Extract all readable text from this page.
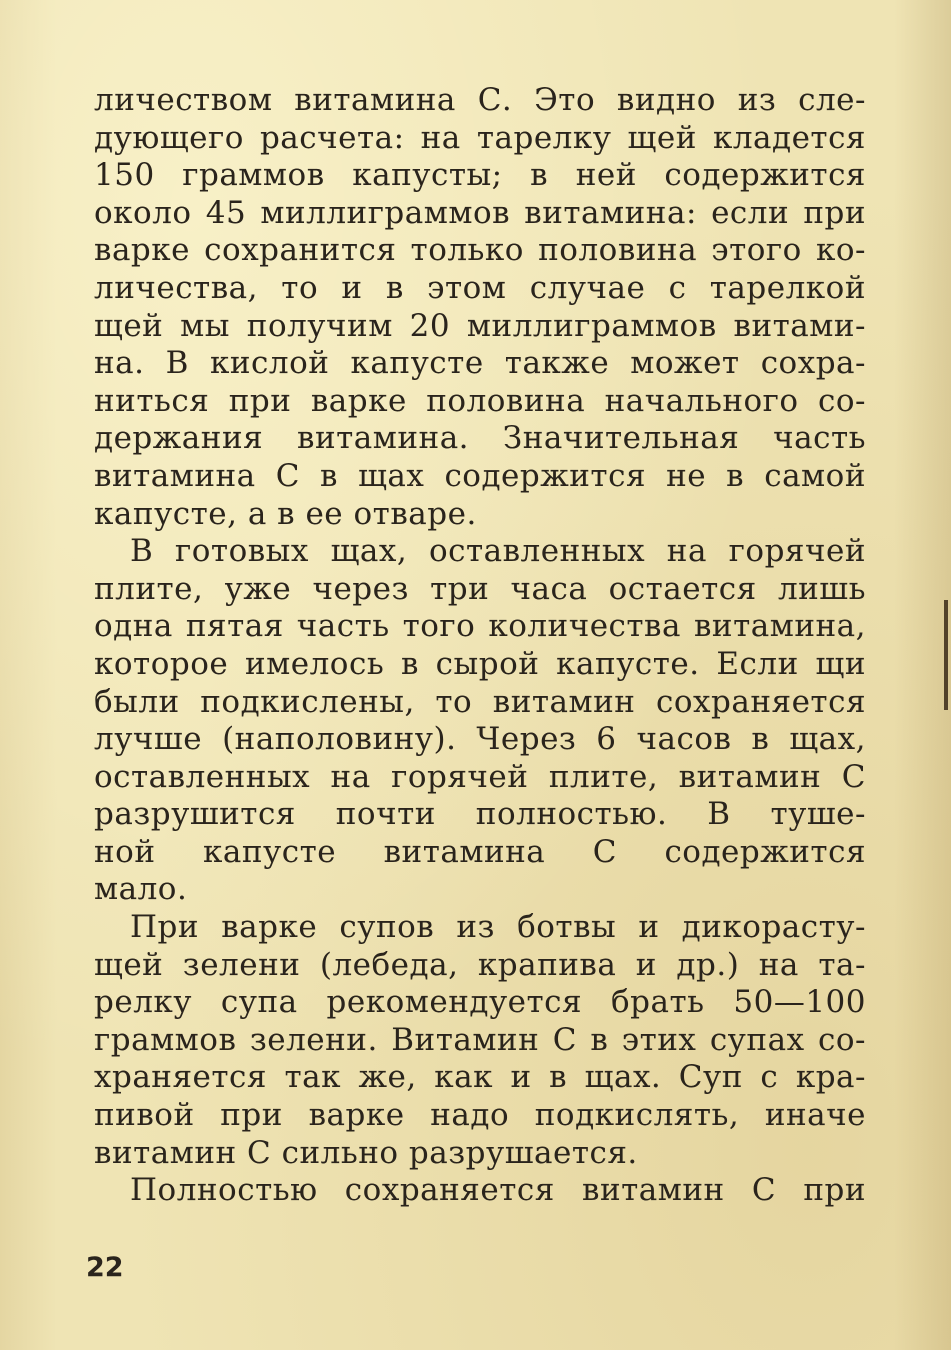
личеством витамина С. Это видно из сле-
дующего расчета: на тарелку щей кладется
150 граммов капусты; в ней содержится
около 45 миллиграммов витамина: если при
варке сохранится только половина этого ко-
личества, то и в этом случае с тарелкой
щей мы получим 20 миллиграммов витами-
на. В кислой капусте также может сохра-
ниться при варке половина начального со-
держания витамина. Значительная часть
витамина С в щах содержится не в самой
капусте, а в ее отваре.
В готовых щах, оставленных на горячей
плите, уже через три часа остается лишь
одна пятая часть того количества витамина,
которое имелось в сырой капусте. Если щи
были подкислены, то витамин сохраняется
лучше (наполовину). Через 6 часов в щах,
оставленных на горячей плите, витамин С
разрушится почти полностью. В туше-
ной капусте витамина С содержится
мало.
При варке супов из ботвы и дикорасту-
щей зелени (лебеда, крапива и др.) на та-
релку супа рекомендуется брать 50—100
граммов зелени. Витамин С в этих супах со-
храняется так же, как и в щах. Суп с кра-
пивой при варке надо подкислять, иначе
витамин С сильно разрушается.
Полностью сохраняется витамин С при
22
